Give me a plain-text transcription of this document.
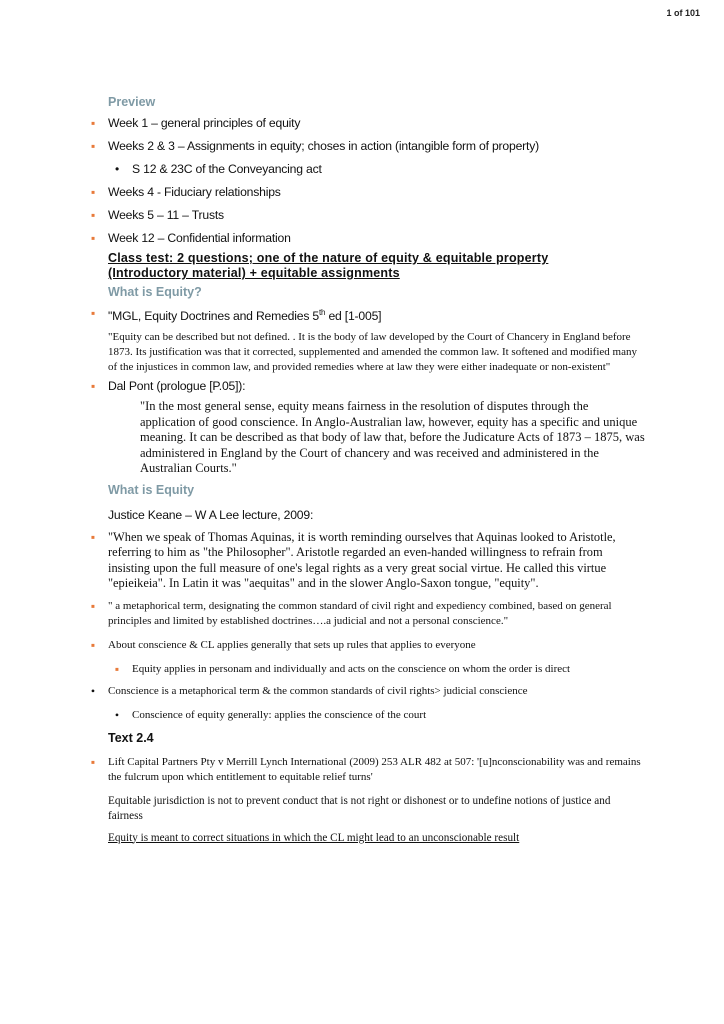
1 of 101
Preview
▪	Week 1 – general principles of equity
▪	Weeks 2 & 3 – Assignments in equity; choses in action (intangible form of property)
•	S 12 & 23C of the Conveyancing act
▪	Weeks 4 - Fiduciary relationships
▪	Weeks 5 – 11 – Trusts
▪	Week 12 – Confidential information
Class test: 2 questions; one of the nature of equity & equitable property
(Introductory material) + equitable assignments
What is Equity?
▪	"MGL, Equity Doctrines and Remedies 5th ed [1-005]
"Equity can be described but not defined. . It is the body of law developed by the Court of Chancery in England before 1873. Its justification was that it corrected, supplemented and amended the common law. It softened and modified many of the injustices in common law, and provided remedies where at law they were either inadequate or non-existent"
▪	Dal Pont (prologue [P.05]):
"In the most general sense, equity means fairness in the resolution of disputes through the application of good conscience. In Anglo-Australian law, however, equity has a specific and unique meaning. It can be described as that body of law that, before the Judicature Acts of 1873 – 1875, was administered in England by the Court of chancery and was received and administered in the Australian Courts."
What is Equity
Justice Keane – W A Lee lecture, 2009:
▪	"When we speak of Thomas Aquinas, it is worth reminding ourselves that Aquinas looked to Aristotle, referring to him as "the Philosopher". Aristotle regarded an even-handed willingness to refrain from insisting upon the full measure of one's legal rights as a very great social virtue. He called this virtue "epieikeia". In Latin it was "aequitas" and in the slower Anglo-Saxon tongue, "equity".
▪	" a metaphorical term, designating the common standard of civil right and expediency combined, based on general principles and limited by established doctrines….a judicial and not a personal conscience."
▪	About conscience & CL applies generally that sets up rules that applies to everyone
▪	Equity applies in personam and individually and acts on the conscience on whom the order is direct
•	Conscience is a metaphorical term & the common standards of civil rights> judicial conscience
•	Conscience of equity generally: applies the conscience of the court
Text 2.4
▪	Lift Capital Partners Pty v Merrill Lynch International (2009) 253 ALR 482 at 507: '[u]nconscionability was and remains the fulcrum upon which entitlement to equitable relief turns'
Equitable jurisdiction is not to prevent conduct that is not right or dishonest or to undefine notions of justice and fairness
Equity is meant to correct situations in which the CL might lead to an unconscionable result
